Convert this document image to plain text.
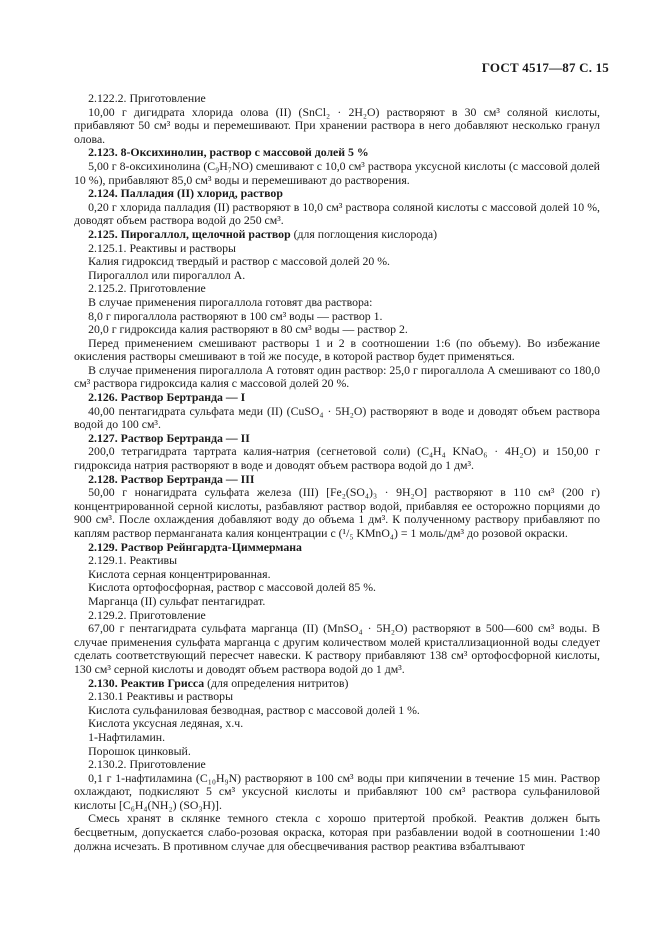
ГОСТ 4517—87 С. 15

2.122.2. Приготовление

10,00 г дигидрата хлорида олова (II) (SnCl₂ · 2H₂O) растворяют в 30 см³ соляной кислоты, прибавляют 50 см³ воды и перемешивают. При хранении раствора в него добавляют несколько гранул олова.

2.123. 8-Оксихинолин, раствор с массовой долей 5 %

5,00 г 8-оксихинолина (C₉H₇NO) смешивают с 10,0 см³ раствора уксусной кислоты (с массовой долей 10 %), прибавляют 85,0 см³ воды и перемешивают до растворения.

2.124. Палладия (II) хлорид, раствор

0,20 г хлорида палладия (II) растворяют в 10,0 см³ раствора соляной кислоты с массовой долей 10 %, доводят объем раствора водой до 250 см³.

2.125. Пирогаллол, щелочной раствор (для поглощения кислорода)

2.125.1. Реактивы и растворы

Калия гидроксид твердый и раствор с массовой долей 20 %.

Пирогаллол или пирогаллол А.

2.125.2. Приготовление

В случае применения пирогаллола готовят два раствора:

8,0 г пирогаллола растворяют в 100 см³ воды — раствор 1.

20,0 г гидроксида калия растворяют в 80 см³ воды — раствор 2.

Перед применением смешивают растворы 1 и 2 в соотношении 1:6 (по объему). Во избежание окисления растворы смешивают в той же посуде, в которой раствор будет применяться.

В случае применения пирогаллола А готовят один раствор: 25,0 г пирогаллола А смешивают со 180,0 см³ раствора гидроксида калия с массовой долей 20 %.

2.126. Раствор Бертранда — I

40,00 пентагидрата сульфата меди (II) (CuSO₄ · 5H₂O) растворяют в воде и доводят объем раствора водой до 100 см³.

2.127. Раствор Бертранда — II

200,0 тетрагидрата тартрата калия-натрия (сегнетовой соли) (C₄H₄ KNaO₆ · 4H₂O) и 150,00 г гидроксида натрия растворяют в воде и доводят объем раствора водой до 1 дм³.

2.128. Раствор Бертранда — III

50,00 г нонагидрата сульфата железа (III) [Fe₂(SO₄)₃ · 9H₂O] растворяют в 110 см³ (200 г) концентрированной серной кислоты, разбавляют раствор водой, прибавляя ее осторожно порциями до 900 см³. После охлаждения добавляют воду до объема 1 дм³. К полученному раствору прибавляют по каплям раствор перманганата калия концентрации c (¹/₅ KMnO₄) = 1 моль/дм³ до розовой окраски.

2.129. Раствор Рейнгардта-Циммермана

2.129.1. Реактивы

Кислота серная концентрированная.

Кислота ортофосфорная, раствор с массовой долей 85 %.

Марганца (II) сульфат пентагидрат.

2.129.2. Приготовление

67,00 г пентагидрата сульфата марганца (II) (MnSO₄ · 5H₂O) растворяют в 500—600 см³ воды. В случае применения сульфата марганца с другим количеством молей кристаллизационной воды следует сделать соответствующий пересчет навески. К раствору прибавляют 138 см³ ортофосфорной кислоты, 130 см³ серной кислоты и доводят объем раствора водой до 1 дм³.

2.130. Реактив Грисса (для определения нитритов)

2.130.1 Реактивы и растворы

Кислота сульфаниловая безводная, раствор с массовой долей 1 %.

Кислота уксусная ледяная, х.ч.

1-Нафтиламин.

Порошок цинковый.

2.130.2. Приготовление

0,1 г 1-нафтиламина (C₁₀H₉N) растворяют в 100 см³ воды при кипячении в течение 15 мин. Раствор охлаждают, подкисляют 5 см³ уксусной кислоты и прибавляют 100 см³ раствора сульфаниловой кислоты [C₆H₄(NH₂) (SO₃H)].

Смесь хранят в склянке темного стекла с хорошо притертой пробкой. Реактив должен быть бесцветным, допускается слабо-розовая окраска, которая при разбавлении водой в соотношении 1:40 должна исчезать. В противном случае для обесцвечивания раствор реактива взбалтывают
